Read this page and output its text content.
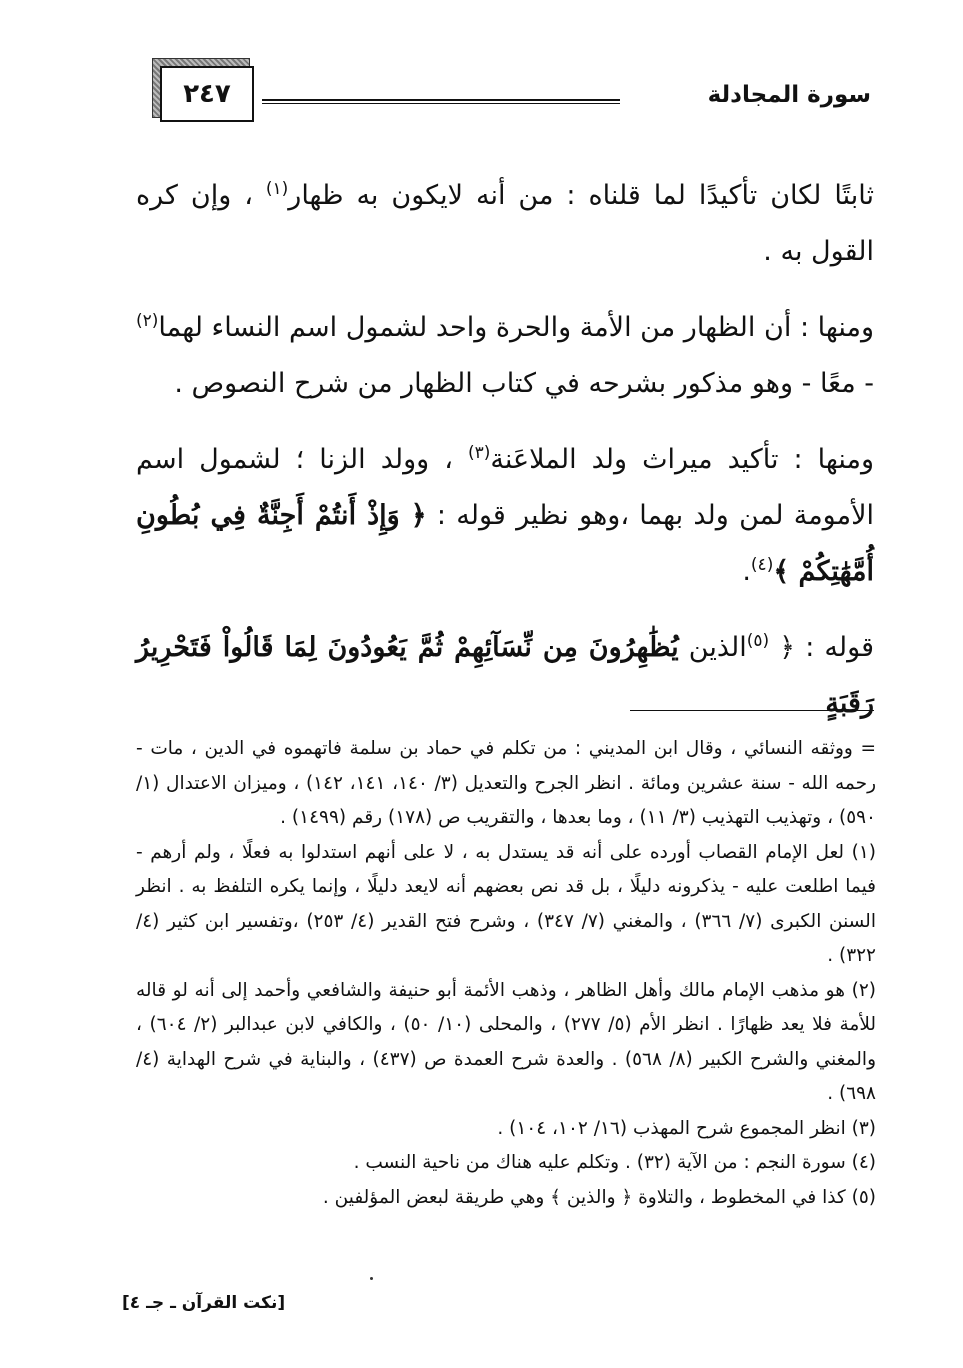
٢٤٧	سورة المجادلة

ثابتًا لكان تأكيدًا لما قلناه : من أنه لايكون به ظهار$^{(١)}$ ، وإن كره القول به .

ومنها : أن الظهار من الأمة والحرة واحد لشمول اسم النساء لهما$^{(٢)}$ - معًا - وهو مذكور بشرحه في كتاب الظهار من شرح النصوص .

ومنها : تأكيد ميراث ولد الملاعَنة$^{(٣)}$ ، وولد الزنا ؛ لشمول اسم الأمومة لمن ولد بهما ،وهو نظير قوله : ﴿ وَإِذْ أَنتُمْ أَجِنَّةٌ فِي بُطُونِ أُمَّهَٰتِكُمْ ﴾$^{(٤)}$.

قوله : ﴿ $^{(٥)}$الذين يُظَٰهِرُونَ مِن نِّسَآئِهِمْ ثُمَّ يَعُودُونَ لِمَا قَالُواْ فَتَحْرِيرُ رَقَبَةٍ

= ووثقه النسائي ، وقال ابن المديني : من تكلم في حماد بن سلمة فاتهموه في الدين ، مات - رحمه الله - سنة عشرين ومائة . انظر الجرح والتعديل (٣/ ١٤٠، ١٤١، ١٤٢) ، وميزان الاعتدال (١/ ٥٩٠) ، وتهذيب التهذيب (٣/ ١١) ، وما بعدها ، والتقريب ص (١٧٨) رقم (١٤٩٩) .

(١) لعل الإمام القصاب أورده على أنه قد يستدل به ، لا على أنهم استدلوا به فعلًا ، ولم أرهم - فيما اطلعت عليه - يذكرونه دليلًا ، بل قد نص بعضهم أنه لايعد دليلًا ، وإنما يكره التلفظ به . انظر السنن الكبرى (٧/ ٣٦٦) ، والمغني (٧/ ٣٤٧) ، وشرح فتح القدير (٤/ ٢٥٣) ،وتفسير ابن كثير (٤/ ٣٢٢) .

(٢) هو مذهب الإمام مالك وأهل الظاهر ، وذهب الأئمة أبو حنيفة والشافعي وأحمد إلى أنه لو قاله للأمة فلا يعد ظهارًا . انظر الأم (٥/ ٢٧٧) ، والمحلى (١٠/ ٥٠) ، والكافي لابن عبدالبر (٢/ ٦٠٤) ، والمغني والشرح الكبير (٨/ ٥٦٨) . والعدة شرح العمدة ص (٤٣٧) ، والبناية في شرح الهداية (٤/ ٦٩٨) .

(٣) انظر المجموع شرح المهذب (١٦/ ١٠٢، ١٠٤) .

(٤) سورة النجم : من الآية (٣٢) . وتكلم عليه هناك من ناحية النسب .

(٥) كذا في المخطوط ، والتلاوة ﴿ والذين ﴾ وهي طريقة لبعض المؤلفين .

[نكت القرآن ـ جـ ٤]
